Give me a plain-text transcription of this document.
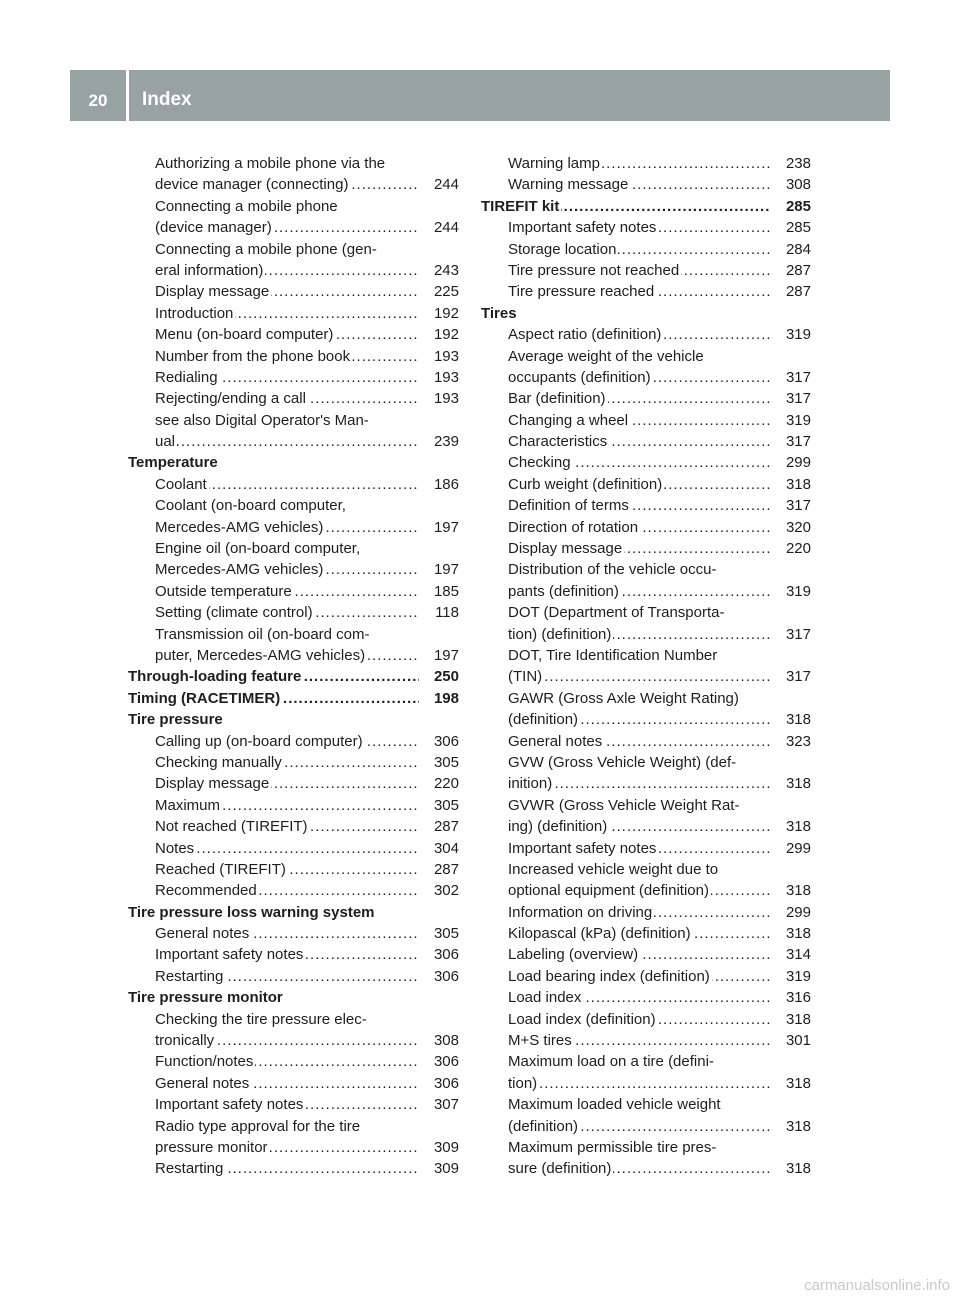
20	Index
Authorizing a mobile phone via the
device manager (connecting)	244
.....
Connecting a mobile phone
(device manager)	244
.....
Connecting a mobile phone (gen-
eral information)	243
.....
Display message	225
.....
Introduction	192
.....
Menu (on-board computer)	192
.....
Number from the phone book	193
.....
Redialing	193
.....
Rejecting/ending a call	193
.....
see also Digital Operator's Man-
ual	239
.....
Temperature
Coolant	186
.....
Coolant (on-board computer,
Mercedes-AMG vehicles)	197
.....
Engine oil (on-board computer,
Mercedes-AMG vehicles)	197
.....
Outside temperature	185
.....
Setting (climate control)	118
.....
Transmission oil (on-board com-
puter, Mercedes-AMG vehicles)	197
.....
Through-loading feature	250
.....
Timing (RACETIMER)	198
.....
Tire pressure
Calling up (on-board computer)	306
.....
Checking manually	305
.....
Display message	220
.....
Maximum	305
.....
Not reached (TIREFIT)	287
.....
Notes	304
.....
Reached (TIREFIT)	287
.....
Recommended	302
.....
Tire pressure loss warning system
General notes	305
.....
Important safety notes	306
.....
Restarting	306
.....
Tire pressure monitor
Checking the tire pressure elec-
tronically	308
.....
Function/notes	306
.....
General notes	306
.....
Important safety notes	307
.....
Radio type approval for the tire
pressure monitor	309
.....
Restarting	309
.....
Warning lamp	238
.....
Warning message	308
.....
TIREFIT kit	285
.....
Important safety notes	285
.....
Storage location	284
.....
Tire pressure not reached	287
.....
Tire pressure reached	287
.....
Tires
Aspect ratio (definition)	319
.....
Average weight of the vehicle
occupants (definition)	317
.....
Bar (definition)	317
.....
Changing a wheel	319
.....
Characteristics	317
.....
Checking	299
.....
Curb weight (definition)	318
.....
Definition of terms	317
.....
Direction of rotation	320
.....
Display message	220
.....
Distribution of the vehicle occu-
pants (definition)	319
.....
DOT (Department of Transporta-
tion) (definition)	317
.....
DOT, Tire Identification Number
(TIN)	317
.....
GAWR (Gross Axle Weight Rating)
(definition)	318
.....
General notes	323
.....
GVW (Gross Vehicle Weight) (def-
inition)	318
.....
GVWR (Gross Vehicle Weight Rat-
ing) (definition)	318
.....
Important safety notes	299
.....
Increased vehicle weight due to
optional equipment (definition)	318
.....
Information on driving	299
.....
Kilopascal (kPa) (definition)	318
.....
Labeling (overview)	314
.....
Load bearing index (definition)	319
.....
Load index	316
.....
Load index (definition)	318
.....
M+S tires	301
.....
Maximum load on a tire (defini-
tion)	318
.....
Maximum loaded vehicle weight
(definition)	318
.....
Maximum permissible tire pres-
sure (definition)	318
.....
carmanualsonline.info
